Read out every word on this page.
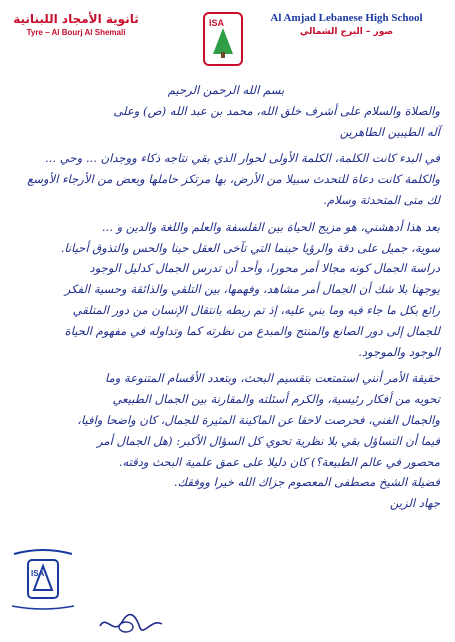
ثانوية الأمجاد اللبنانية
Tyre – Al Bourj Al Shemali
ISA	Al Amjad Lebanese High School
صور – البرج الشمالي

بسم الله الرحمن الرحيم

والصلاة والسلام على أشرف خلق الله، محمد بن عبد الله (ص) وعلى

آله الطيبين الطاهرين

في البدء كانت الكلمة، الكلمة الأولى لحوار الذي بقي نتاجه ذكاء ووجدان ... وحي ...

والكلمة كانت دعاة للتحدث سبيلا من الأرض، بها مرتكز حاملها وبعض من الأرجاء الأوسع

لك متى المتحدثة وسلام.

بعد هذا أدهشني، هو مزيج الحياة بين الفلسفة والعلم واللغة والدين و ...

سوية، جميل على دقة والرؤيا حينما التي تآخى العقل حينا والحس والتذوق أحيانا.

دراسة الجمال كونه مجالا أمر محورا، وأحد أن تدرس الجمال كدليل الوجود

يوجهنا بلا شك أن الجمال أمر مشاهد، وفهمها، بين التلقي والذائقة وحسية الفكر

رائع بكل ما جاء فيه وما بني عليه، إذ تم ربطه بانتقال الإنسان من دور المتلقي

للجمال إلى دور الصانع والمنتج والمبدع من نظرته كما وتداوله في مفهوم الحياة

الوجود والموجود.

حقيقة الأمر أنني استمتعت بتقسيم البحث، وبتعدد الأقسام المتنوعة وما

تحويه من أفكار رئيسية، والكرم أسئلته والمقارنة بين الجمال الطبيعي

والجمال الفني، فحرصت لاحقا عن الماكينة المثيرة للجمال، كان واضحا وافيا،

فيما أن التساؤل بقي بلا نظرية تحوي كل السؤال الأكبر: (هل الجمال أمر

محصور في عالم الطبيعة؟) كان دليلا على عمق علمية البحث ودقته.

فضيلة الشيخ مصطفى المعصوم جزاك الله خيرا ووفقك.

جهاد الزين

ISA
